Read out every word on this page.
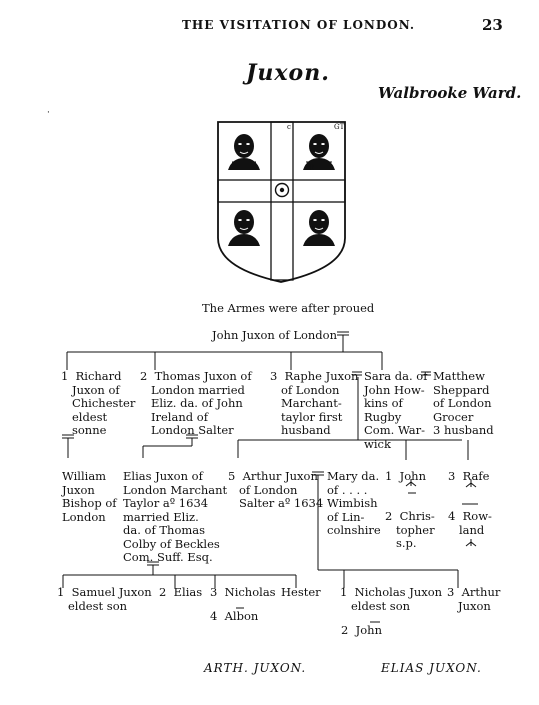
THE VISITATION OF LONDON.	23
Juxon.
Walbrooke Ward.
·
c	GT
R
The Armes were after proued
John Juxon of London
1  Richard
Juxon of
Chichester
eldest
sonne
2  Thomas Juxon of
London married
Eliz. da. of John
Ireland of
London Salter
3  Raphe Juxon
of London
Marchant-
taylor first
husband
Sara da. of
John How-
kins of
Rugby
Com. War-
wick
Matthew
Sheppard
of London
Grocer
3 husband
William
Juxon
Bishop of
London
Elias Juxon of
London Marchant
Taylor aº 1634
married Eliz.
da. of Thomas
Colby of Beckles
Com. Suff. Esq.
5  Arthur Juxon
of London
Salter aº 1634
Mary da.
of . . . .
Wimbish
of Lin-
colnshire
1  John
2  Chris-
topher
s.p.
3  Rafe
4  Row-
land
1  Samuel Juxon
eldest son
2  Elias 3  Nicholas Hester
4  Albon
1  Nicholas Juxon
eldest son
3  Arthur
Juxon
2  John
ARTH. JUXON.	ELIAS JUXON.
